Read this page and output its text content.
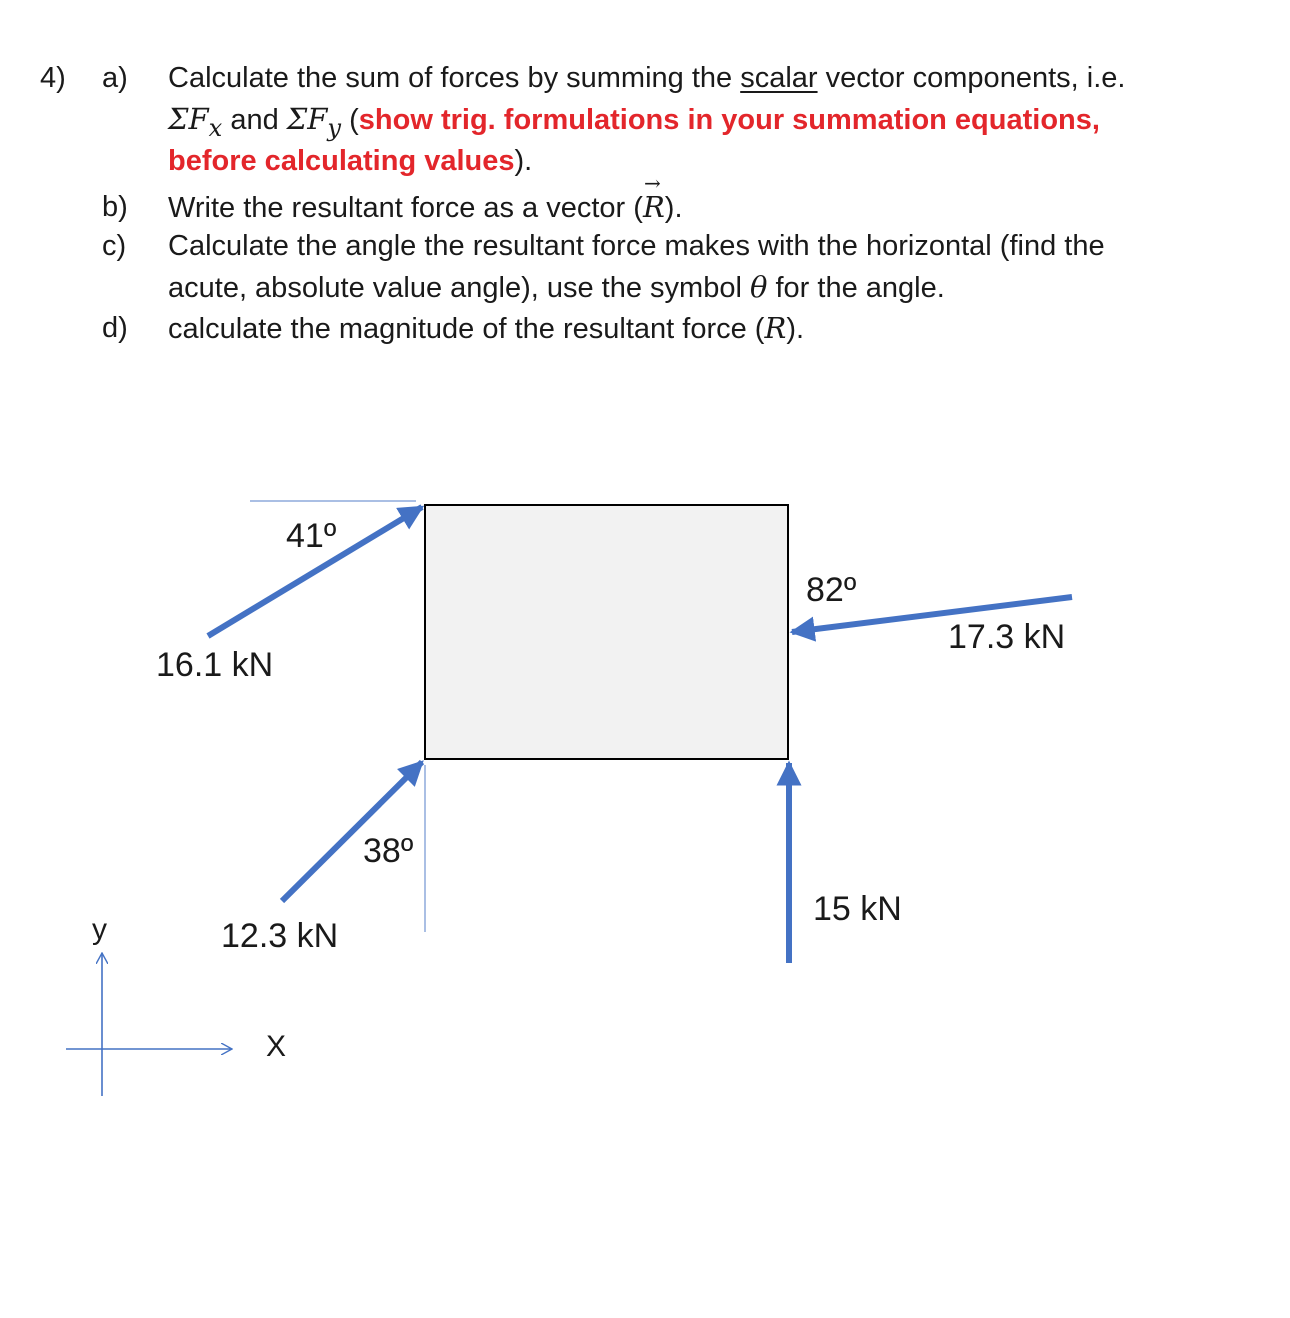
4) a) Calculate the sum of forces by summing the scalar vector components, i.e.
$\Sigma F_x$ and $\Sigma F_y$ (show trig. formulations in your summation equations,
before calculating values).
b) Write the resultant force as a vector (
→
R).
c) Calculate the angle the resultant force makes with the horizontal (find the
acute, absolute value angle), use the symbol θ for the angle.
d) calculate the magnitude of the resultant force (R).
41º
16.1 kN
82º
17.3 kN
38º
12.3 kN
15 kN
y
X
